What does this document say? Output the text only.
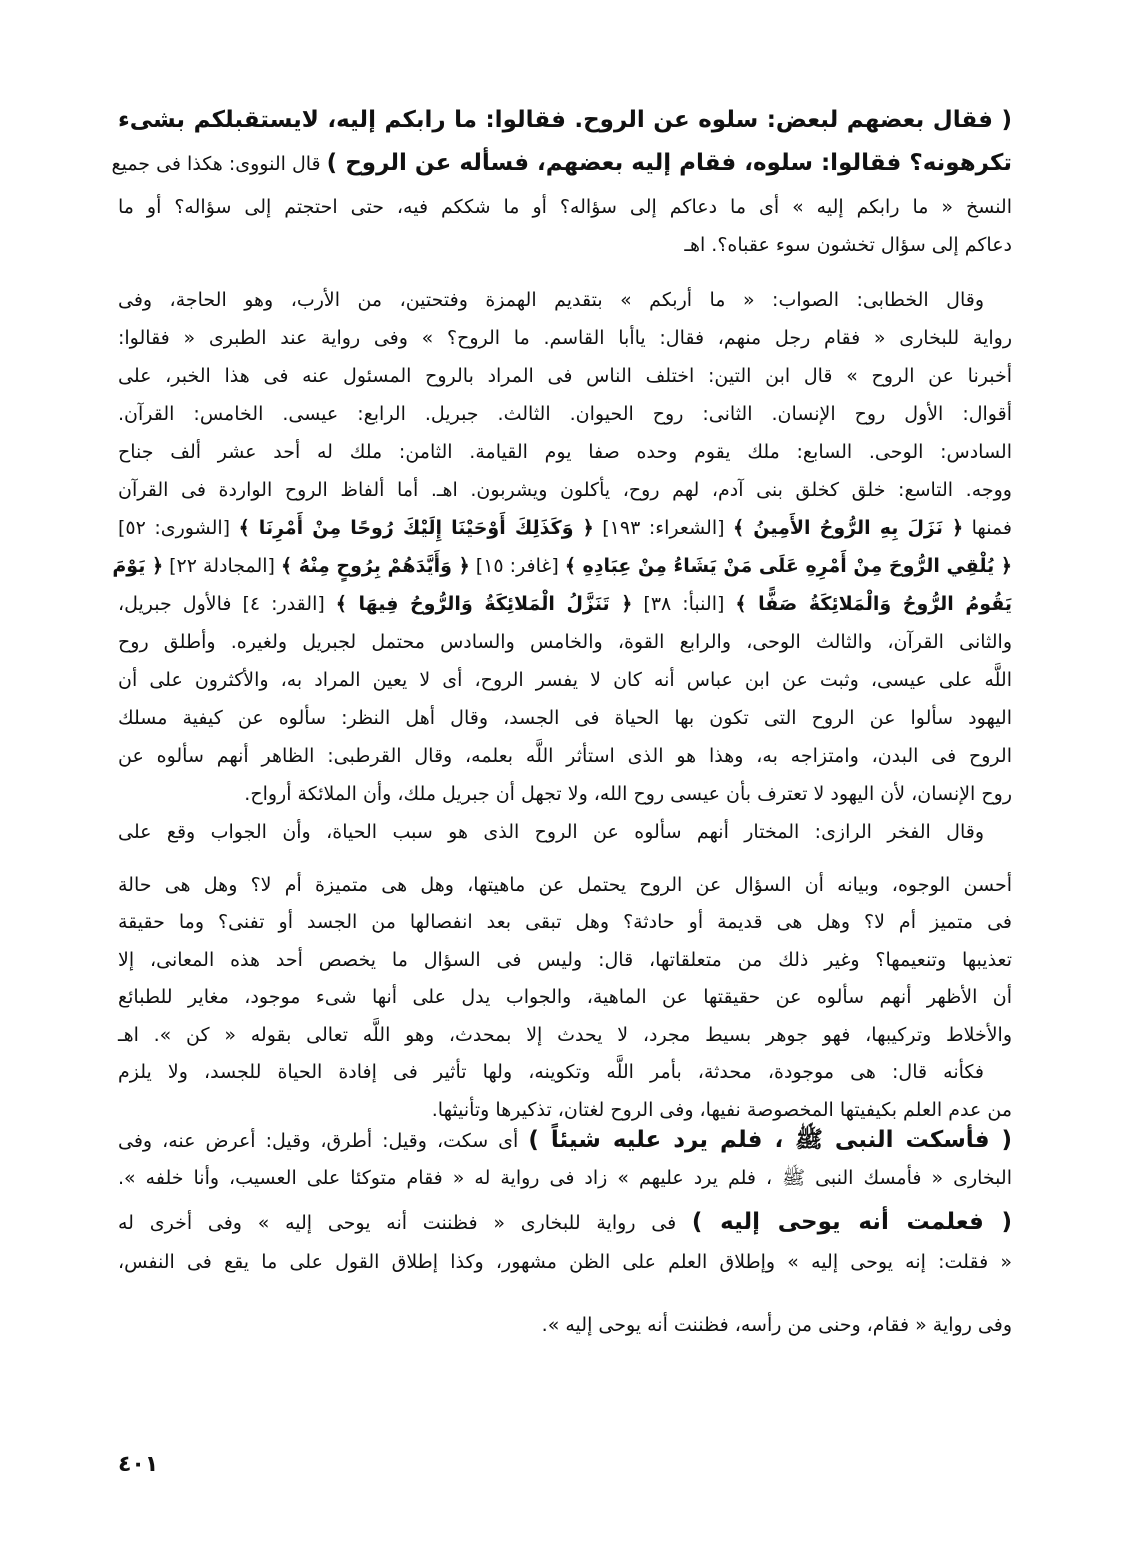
( فقال بعضهم لبعض: سلوه عن الروح. فقالوا: ما رابكم إليه، لايستقبلكم بشىء
تكرهونه؟ فقالوا: سلوه، فقام إليه بعضهم، فسأله عن الروح ) قال النووى: هكذا فى جميع
النسخ « ما رابكم إليه » أى ما دعاكم إلى سؤاله؟ أو ما شككم فيه، حتى احتجتم إلى سؤاله؟ أو ما
دعاكم إلى سؤال تخشون سوء عقباه؟. اهـ
وقال الخطابى: الصواب: « ما أربكم » بتقديم الهمزة وفتحتين، من الأرب، وهو الحاجة، وفى
رواية للبخارى « فقام رجل منهم، فقال: ياأبا القاسم. ما الروح؟ » وفى رواية عند الطبرى « فقالوا:
أخبرنا عن الروح » قال ابن التين: اختلف الناس فى المراد بالروح المسئول عنه فى هذا الخبر، على
أقوال: الأول روح الإنسان. الثانى: روح الحيوان. الثالث. جبريل. الرابع: عيسى. الخامس: القرآن.
السادس: الوحى. السابع: ملك يقوم وحده صفا يوم القيامة. الثامن: ملك له أحد عشر ألف جناح
ووجه. التاسع: خلق كخلق بنى آدم، لهم روح، يأكلون ويشربون. اهـ. أما ألفاظ الروح الواردة فى القرآن
فمنها ﴿ نَزَلَ بِهِ الرُّوحُ الأَمِينُ ﴾ [الشعراء: ١٩٣] ﴿ وَكَذَلِكَ أَوْحَيْنَا إِلَيْكَ رُوحًا مِنْ أَمْرِنَا ﴾ [الشورى: ٥٢]
﴿ يُلْقِي الرُّوحَ مِنْ أَمْرِهِ عَلَى مَنْ يَشَاءُ مِنْ عِبَادِهِ ﴾ [غافر: ١٥] ﴿ وَأَيَّدَهُمْ بِرُوحٍ مِنْهُ ﴾ [المجادلة ٢٢] ﴿ يَوْمَ
يَقُومُ الرُّوحُ وَالْمَلائِكَةُ صَفًّا ﴾ [النبأ: ٣٨] ﴿ تَنَزَّلُ الْمَلائِكَةُ وَالرُّوحُ فِيهَا ﴾ [القدر: ٤] فالأول جبريل،
والثانى القرآن، والثالث الوحى، والرابع القوة، والخامس والسادس محتمل لجبريل ولغيره. وأطلق روح
اللَّه على عيسى، وثبت عن ابن عباس أنه كان لا يفسر الروح، أى لا يعين المراد به، والأكثرون على أن
اليهود سألوا عن الروح التى تكون بها الحياة فى الجسد، وقال أهل النظر: سألوه عن كيفية مسلك
الروح فى البدن، وامتزاجه به، وهذا هو الذى استأثر اللَّه بعلمه، وقال القرطبى: الظاهر أنهم سألوه عن
روح الإنسان، لأن اليهود لا تعترف بأن عيسى روح الله، ولا تجهل أن جبريل ملك، وأن الملائكة أرواح.
وقال الفخر الرازى: المختار أنهم سألوه عن الروح الذى هو سبب الحياة، وأن الجواب وقع على
أحسن الوجوه، وبيانه أن السؤال عن الروح يحتمل عن ماهيتها، وهل هى متميزة أم لا؟ وهل هى حالة
فى متميز أم لا؟ وهل هى قديمة أو حادثة؟ وهل تبقى بعد انفصالها من الجسد أو تفنى؟ وما حقيقة
تعذيبها وتنعيمها؟ وغير ذلك من متعلقاتها، قال: وليس فى السؤال ما يخصص أحد هذه المعانى، إلا
أن الأظهر أنهم سألوه عن حقيقتها عن الماهية، والجواب يدل على أنها شىء موجود، مغاير للطبائع
والأخلاط وتركيبها، فهو جوهر بسيط مجرد، لا يحدث إلا بمحدث، وهو اللَّه تعالى بقوله « كن ». اهـ
فكأنه قال: هى موجودة، محدثة، بأمر اللَّه وتكوينه، ولها تأثير فى إفادة الحياة للجسد، ولا يلزم
من عدم العلم بكيفيتها المخصوصة نفيها، وفى الروح لغتان، تذكيرها وتأنيثها.
( فأسكت النبى ﷺ ، فلم يرد عليه شيئاً ) أى سكت، وقيل: أطرق، وقيل: أعرض عنه، وفى
البخارى « فأمسك النبى ﷺ ، فلم يرد عليهم » زاد فى رواية له « فقام متوكئا على العسيب، وأنا خلفه ».
( فعلمت أنه يوحى إليه ) فى رواية للبخارى « فظننت أنه يوحى إليه » وفى أخرى له
« فقلت: إنه يوحى إليه » وإطلاق العلم على الظن مشهور، وكذا إطلاق القول على ما يقع فى النفس،
وفى رواية « فقام، وحنى من رأسه، فظننت أنه يوحى إليه ».
٤٠١
